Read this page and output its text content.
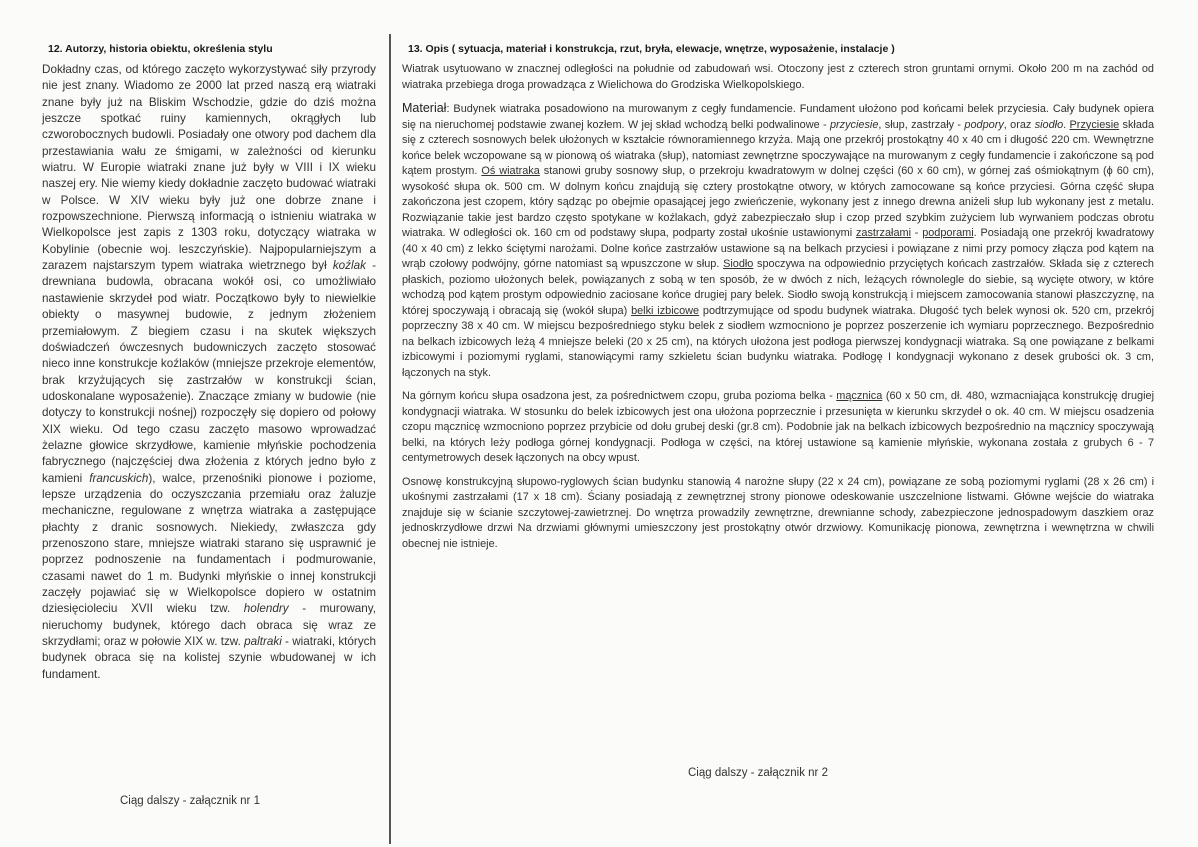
12. Autorzy, historia obiektu, określenia stylu

Dokładny czas, od którego zaczęto wykorzystywać siły przyrody nie jest znany. Wiadomo ze 2000 lat przed naszą erą wiatraki znane były już na Bliskim Wschodzie, gdzie do dziś można jeszcze spotkać ruiny kamiennych, okrągłych lub czworobocznych budowli. Posiadały one otwory pod dachem dla przestawiania wału ze śmigami, w zależności od kierunku wiatru. W Europie wiatraki znane już były w VIII i IX wieku naszej ery. Nie wiemy kiedy dokładnie zaczęto budować wiatraki w Polsce. W XIV wieku były już one dobrze znane i rozpowszechnione. Pierwszą informacją o istnieniu wiatraka w Wielkopolsce jest zapis z 1303 roku, dotyczący wiatraka w Kobylinie (obecnie woj. leszczyńskie). Najpopularniejszym a zarazem najstarszym typem wiatraka wietrznego był koźlak - drewniana budowla, obracana wokół osi, co umożliwiało nastawienie skrzydeł pod wiatr. Początkowo były to niewielkie obiekty o masywnej budowie, z jednym złożeniem przemiałowym. Z biegiem czasu i na skutek większych doświadczeń ówczesnych budowniczych zaczęto stosować nieco inne konstrukcje koźlaków (mniejsze przekroje elementów, brak krzyżujących się zastrzałów w konstrukcji ścian, udoskonalane wyposażenie). Znaczące zmiany w budowie (nie dotyczy to konstrukcji nośnej) rozpoczęły się dopiero od połowy XIX wieku. Od tego czasu zaczęto masowo wprowadzać żelazne głowice skrzydłowe, kamienie młyńskie pochodzenia fabrycznego (najczęściej dwa złożenia z których jedno było z kamieni francuskich), walce, przenośniki pionowe i poziome, lepsze urządzenia do oczyszczania przemiału oraz żaluzje mechaniczne, regulowane z wnętrza wiatraka a zastępujące płachty z dranic sosnowych. Niekiedy, zwłaszcza gdy przenoszono stare, mniejsze wiatraki starano się usprawnić je poprzez podnoszenie na fundamentach i podmurowanie, czasami nawet do 1 m. Budynki młyńskie o innej konstrukcji zaczęły pojawiać się w Wielkopolsce dopiero w ostatnim dziesięcioleciu XVII wieku tzw. holendry - murowany, nieruchomy budynek, którego dach obraca się wraz ze skrzydłami; oraz w połowie XIX w. tzw. paltraki - wiatraki, których budynek obraca się na kolistej szynie wbudowanej w ich fundament.

Ciąg dalszy - załącznik nr 1
13. Opis ( sytuacja, materiał i konstrukcja, rzut, bryła, elewacje, wnętrze, wyposażenie, instalacje )

Wiatrak usytuowano w znacznej odległości na południe od zabudowań wsi. Otoczony jest z czterech stron gruntami ornymi. Około 200 m na zachód od wiatraka przebiega droga prowadząca z Wielichowa do Grodziska Wielkopolskiego.

Materiał: Budynek wiatraka posadowiono na murowanym z cegły fundamencie. Fundament ułożono pod końcami belek przyciesia. Cały budynek opiera się na nieruchomej podstawie zwanej kozłem. W jej skład wchodzą belki podwalinowe - przyciesie, słup, zastrzały - podpory, oraz siodło. Przyciesie składa się z czterech sosnowych belek ułożonych w kształcie równoramiennego krzyża. Mają one przekrój prostokątny 40 x 40 cm i długość 220 cm. Wewnętrzne końce belek wczopowane są w pionową oś wiatraka (słup), natomiast zewnętrzne spoczywające na murowanym z cegły fundamencie i zakończone są pod kątem prostym. Oś wiatraka stanowi gruby sosnowy słup, o przekroju kwadratowym w dolnej części (60 x 60 cm), w górnej zaś ośmiokątnym (ϕ 60 cm), wysokość słupa ok. 500 cm. W dolnym końcu znajdują się cztery prostokątne otwory, w których zamocowane są końce przyciesi. Górna część słupa zakończona jest czopem, który sądząc po obejmie opasającej jego zwieńczenie, wykonany jest z innego drewna aniżeli słup lub wykonany jest z metalu. Rozwiązanie takie jest bardzo często spotykane w koźlakach, gdyż zabezpieczało słup i czop przed szybkim zużyciem lub wyrwaniem podczas obrotu wiatraka. W odległości ok. 160 cm od podstawy słupa, podparty został ukośnie ustawionymi zastrzałami - podporami. Posiadają one przekrój kwadratowy (40 x 40 cm) z lekko ściętymi narożami. Dolne końce zastrzałów ustawione są na belkach przyciesi i powiązane z nimi przy pomocy złącza pod kątem na wrąb czołowy podwójny, górne natomiast są wpuszczone w słup. Siodło spoczywa na odpowiednio przyciętych końcach zastrzałów. Składa się z czterech płaskich, poziomo ułożonych belek, powiązanych z sobą w ten sposób, że w dwóch z nich, leżących równolegle do siebie, są wycięte otwory, w które wchodzą pod kątem prostym odpowiednio zaciosane końce drugiej pary belek. Siodło swoją konstrukcją i miejscem zamocowania stanowi płaszczyznę, na której spoczywają i obracają się (wokół słupa) belki izbicowe podtrzymujące od spodu budynek wiatraka. Długość tych belek wynosi ok. 520 cm, przekrój poprzeczny 38 x 40 cm. W miejscu bezpośredniego styku belek z siodłem wzmocniono je poprzez poszerzenie ich wymiaru poprzecznego. Bezpośrednio na belkach izbicowych leżą 4 mniejsze beleki (20 x 25 cm), na których ułożona jest podłoga pierwszej kondygnacji wiatraka. Są one powiązane z belkami izbicowymi i poziomymi ryglami, stanowiącymi ramy szkieletu ścian budynku wiatraka. Podłogę I kondygnacji wykonano z desek grubości ok. 3 cm, łączonych na styk.

Na górnym końcu słupa osadzona jest, za pośrednictwem czopu, gruba pozioma belka - mącznica (60 x 50 cm, dł. 480, wzmacniająca konstrukcję drugiej kondygnacji wiatraka. W stosunku do belek izbicowych jest ona ułożona poprzecznie i przesunięta w kierunku skrzydeł o ok. 40 cm. W miejscu osadzenia czopu mącznicę wzmocniono poprzez przybicie od dołu grubej deski (gr.8 cm). Podobnie jak na belkach izbicowych bezpośrednio na mącznicy spoczywają belki, na których leży podłoga górnej kondygnacji. Podłoga w części, na której ustawione są kamienie młyńskie, wykonana została z grubych 6 - 7 centymetrowych desek łączonych na obcy wpust.

Osnowę konstrukcyjną słupowo-ryglowych ścian budynku stanowią 4 narożne słupy (22 x 24 cm), powiązane ze sobą poziomymi ryglami (28 x 26 cm) i ukośnymi zastrzałami (17 x 18 cm). Ściany posiadają z zewnętrznej strony pionowe odeskowanie uszczelnione listwami. Główne wejście do wiatraka znajduje się w ścianie szczytowej-zawietrznej. Do wnętrza prowadzily zewnętrzne, drewnianne schody, zabezpieczone jednospadowym daszkiem oraz jednoskrzydłowe drzwi Na drzwiami głównymi umieszczony jest prostokątny otwór drzwiowy. Komunikację pionowa, zewnętrzna i wewnętrzna w chwili obecnej nie istnieje.

Ciąg dalszy - załącznik nr 2
